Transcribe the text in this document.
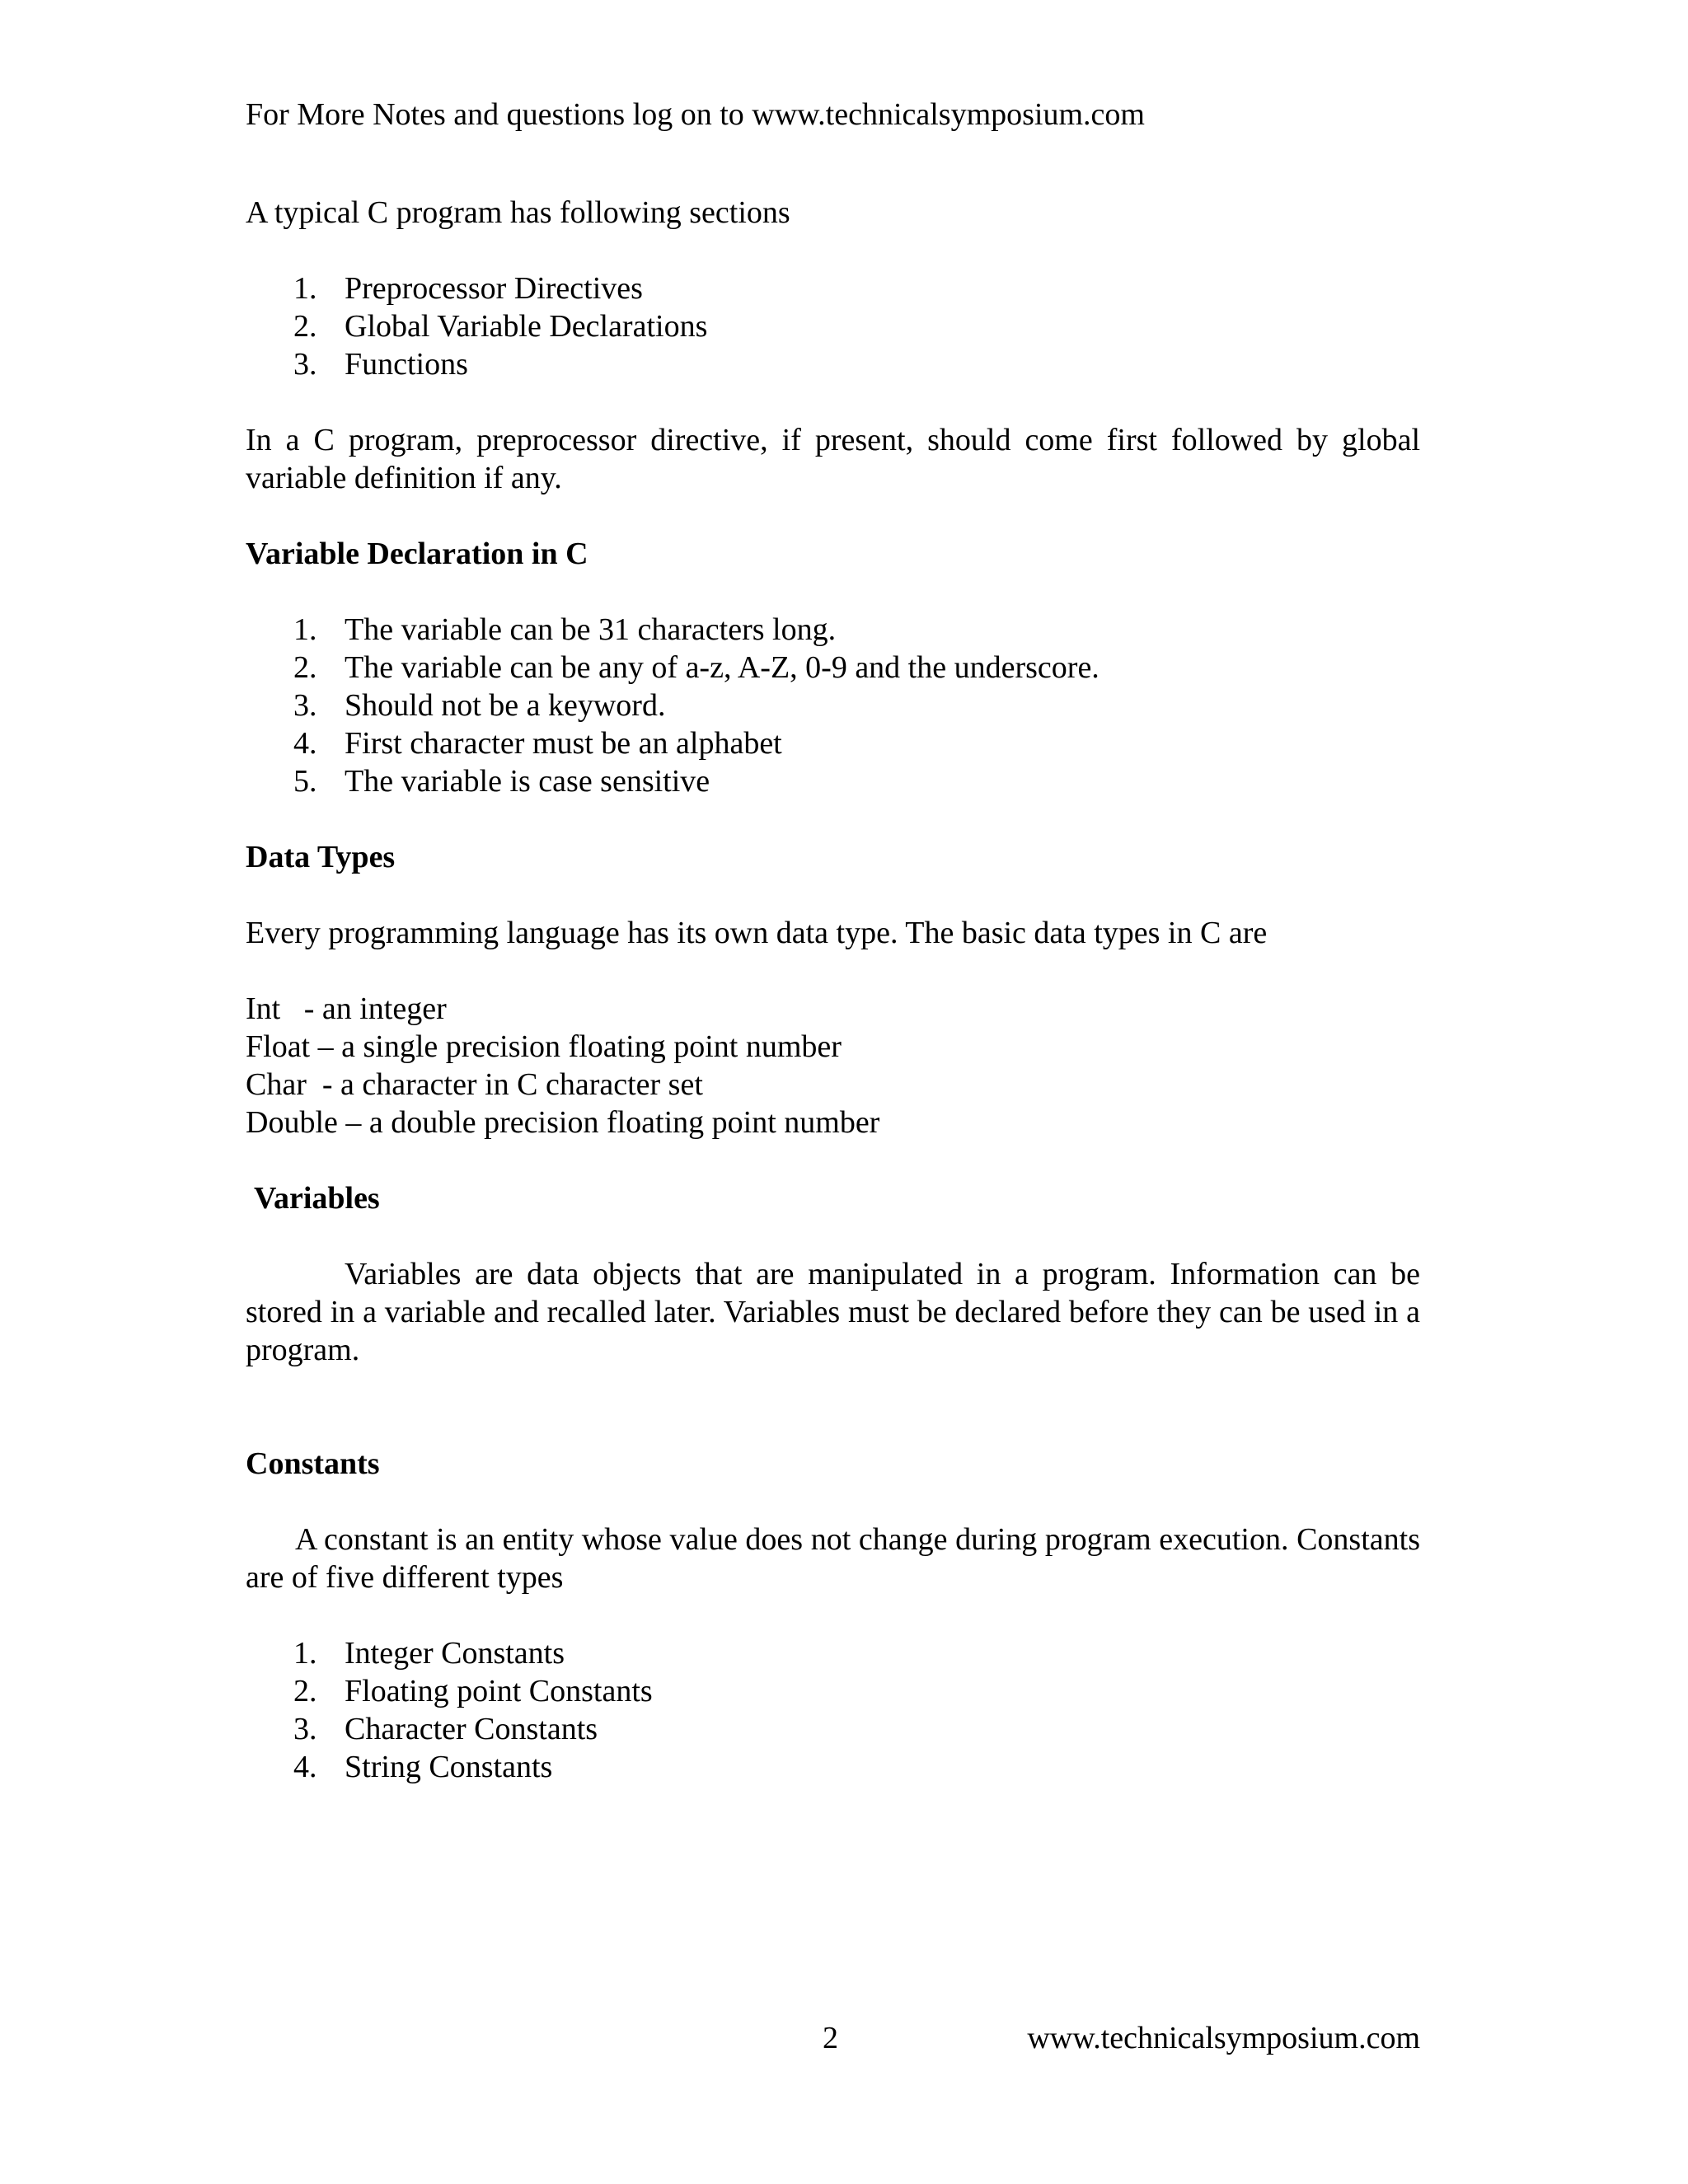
For More Notes and questions log on to www.technicalsymposium.com

A typical C program has following sections

1. Preprocessor Directives
2. Global Variable Declarations
3. Functions

In a C program, preprocessor directive, if present, should come first followed by global variable definition if any.

Variable Declaration in C

1. The variable can be 31 characters long.
2. The variable can be any of a-z, A-Z, 0-9 and the underscore.
3. Should not be a keyword.
4. First character must be an alphabet
5. The variable is case sensitive

Data Types

Every programming language has its own data type. The basic data types in C are

Int   - an integer

Float – a single precision floating point number

Char  - a character in C character set

Double – a double precision floating point number

Variables

Variables are data objects that are manipulated in a program. Information can be stored in a variable and recalled later. Variables must be declared before they can be used in a program.

Constants

A constant is an entity whose value does not change during program execution. Constants are of five different types

1. Integer Constants
2. Floating point Constants
3. Character Constants
4. String Constants
2	www.technicalsymposium.com
